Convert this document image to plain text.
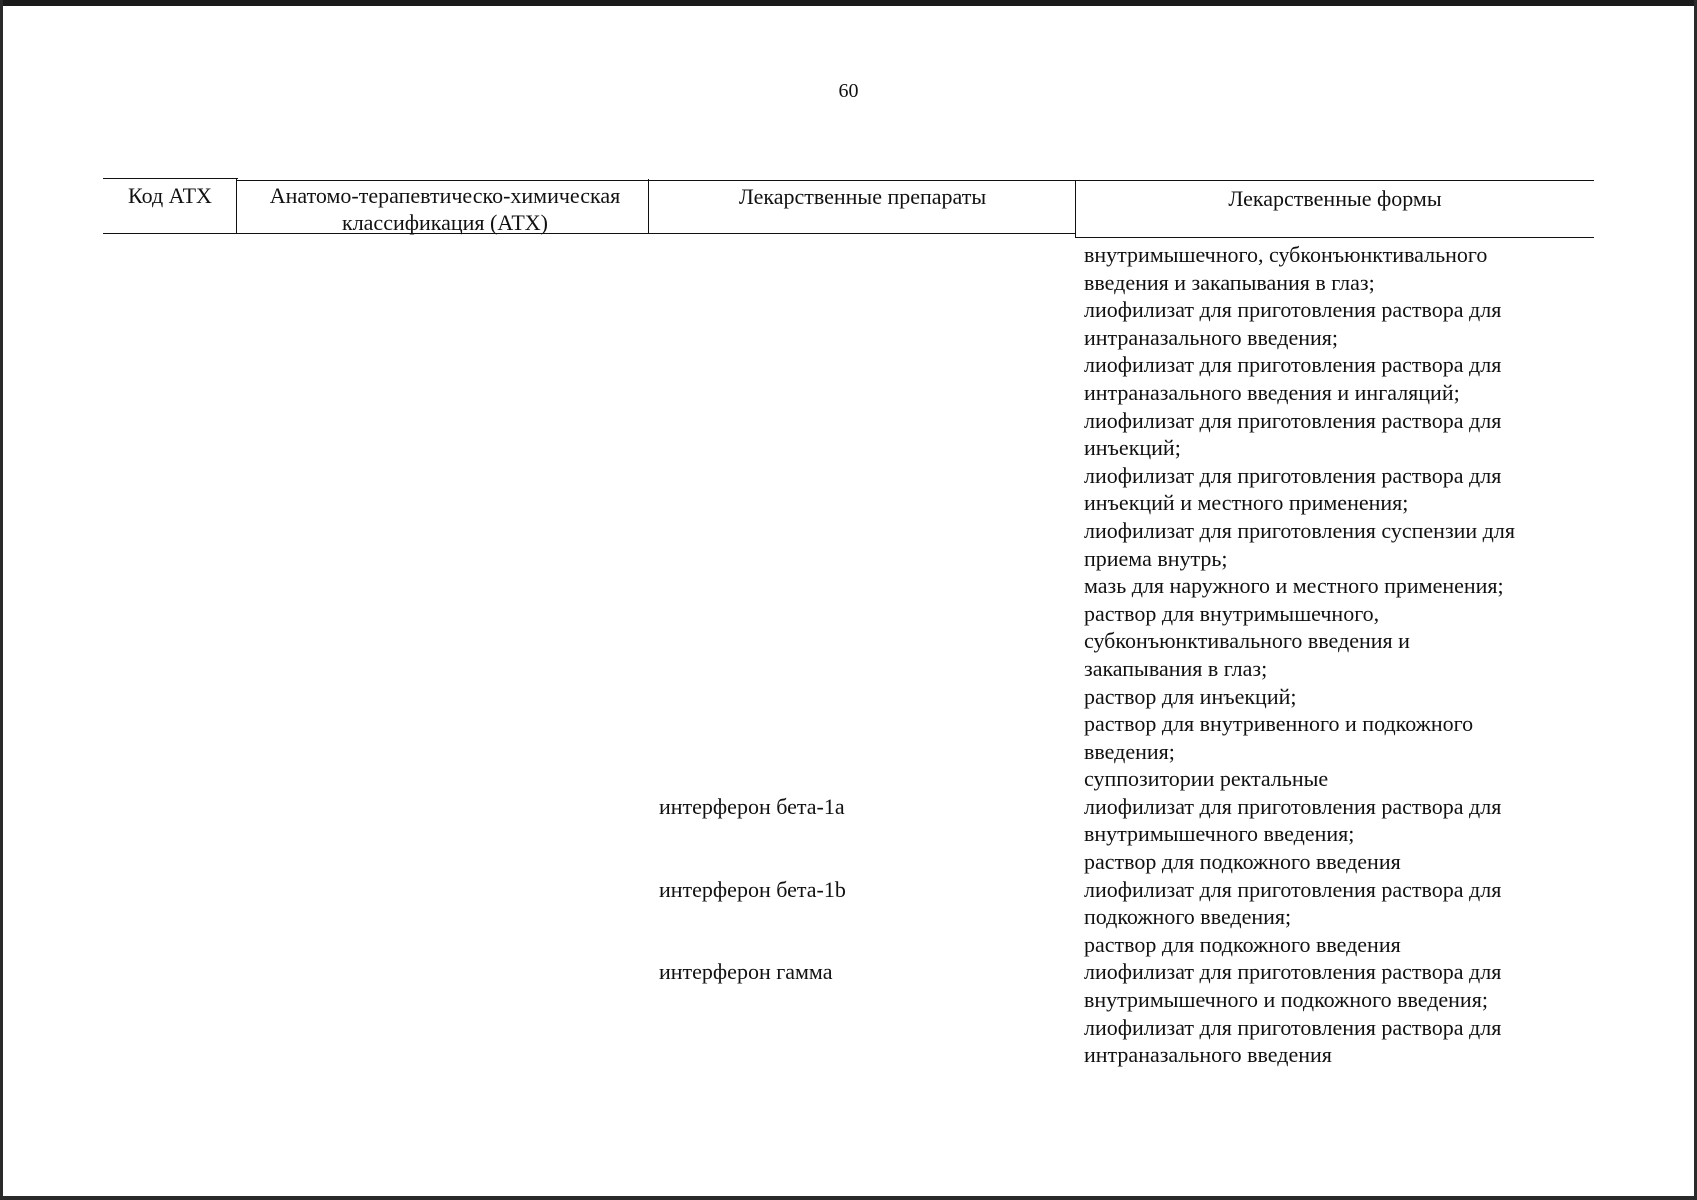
60
Код АТХ	Анатомо-терапевтическо-химическая классификация (АТХ)
Лекарственные препараты	Лекарственные формы
внутримышечного, субконъюнктивального
введения и закапывания в глаз;
лиофилизат для приготовления раствора для
интраназального введения;
лиофилизат для приготовления раствора для
интраназального введения и ингаляций;
лиофилизат для приготовления раствора для
инъекций;
лиофилизат для приготовления раствора для
инъекций и местного применения;
лиофилизат для приготовления суспензии для
приема внутрь;
мазь для наружного и местного применения;
раствор для внутримышечного,
субконъюнктивального введения и
закапывания в глаз;
раствор для инъекций;
раствор для внутривенного и подкожного
введения;
суппозитории ректальные
лиофилизат для приготовления раствора для
внутримышечного введения;
раствор для подкожного введения
лиофилизат для приготовления раствора для
подкожного введения;
раствор для подкожного введения
лиофилизат для приготовления раствора для
внутримышечного и подкожного введения;
лиофилизат для приготовления раствора для
интраназального введения
интерферон бета-1a
интерферон бета-1b
интерферон гамма
